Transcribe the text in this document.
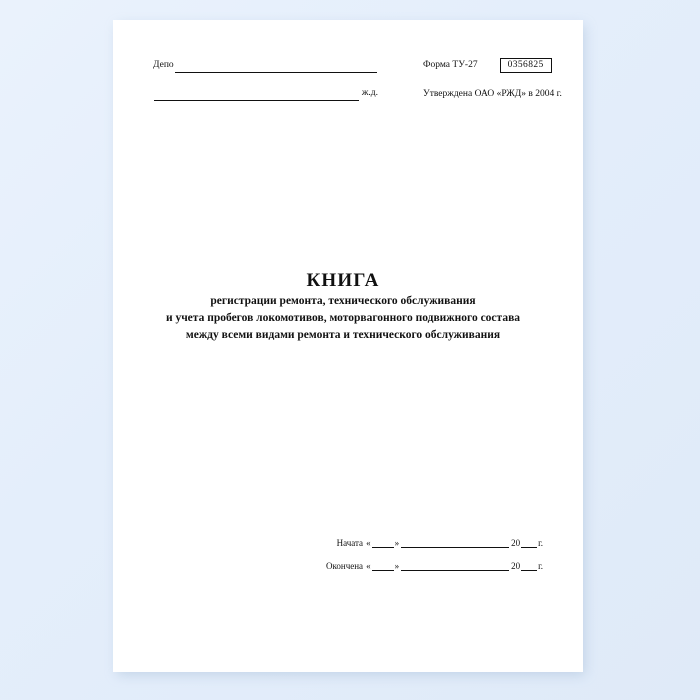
Депо
ж.д.
Форма ТУ-27	0356825
Утверждена ОАО «РЖД» в 2004 г.
КНИГА
регистрации ремонта, технического обслуживания
и учета пробегов локомотивов, моторвагонного подвижного состава
между всеми видами ремонта и технического обслуживания
Начата «	»	20 г.
Окончена «	»	20 г.
